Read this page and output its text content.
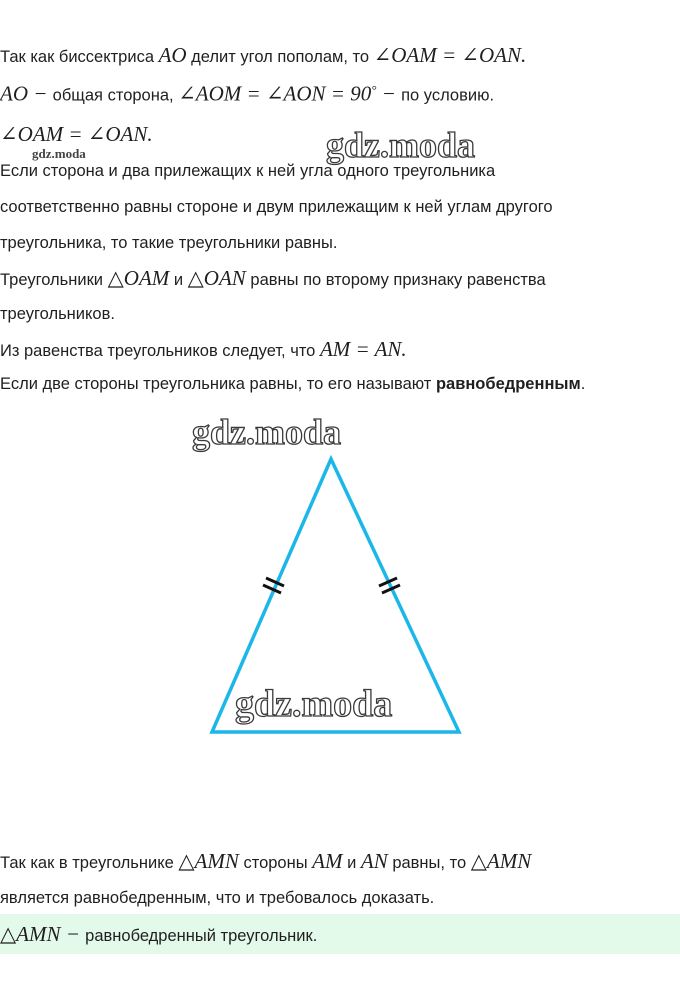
Так как биссектриса AO делит угол пополам, то ∠OAM = ∠OAN.
AO − общая сторона, ∠AOM = ∠AON = 90° − по условию.
∠OAM = ∠OAN.
Если сторона и два прилежащих к ней угла одного треугольника
соответственно равны стороне и двум прилежащим к ней углам другого
треугольника, то такие треугольники равны.
Треугольники △OAM и △OAN равны по второму признаку равенства
треугольников.
Из равенства треугольников следует, что AM = AN.
Если две стороны треугольника равны, то его называют равнобедренным.
gdz.moda	gdz.moda
gdz.moda
gdz.moda
Так как в треугольнике △AMN стороны AM и AN равны, то △AMN
является равнобедренным, что и требовалось доказать.
△AMN − равнобедренный треугольник.
